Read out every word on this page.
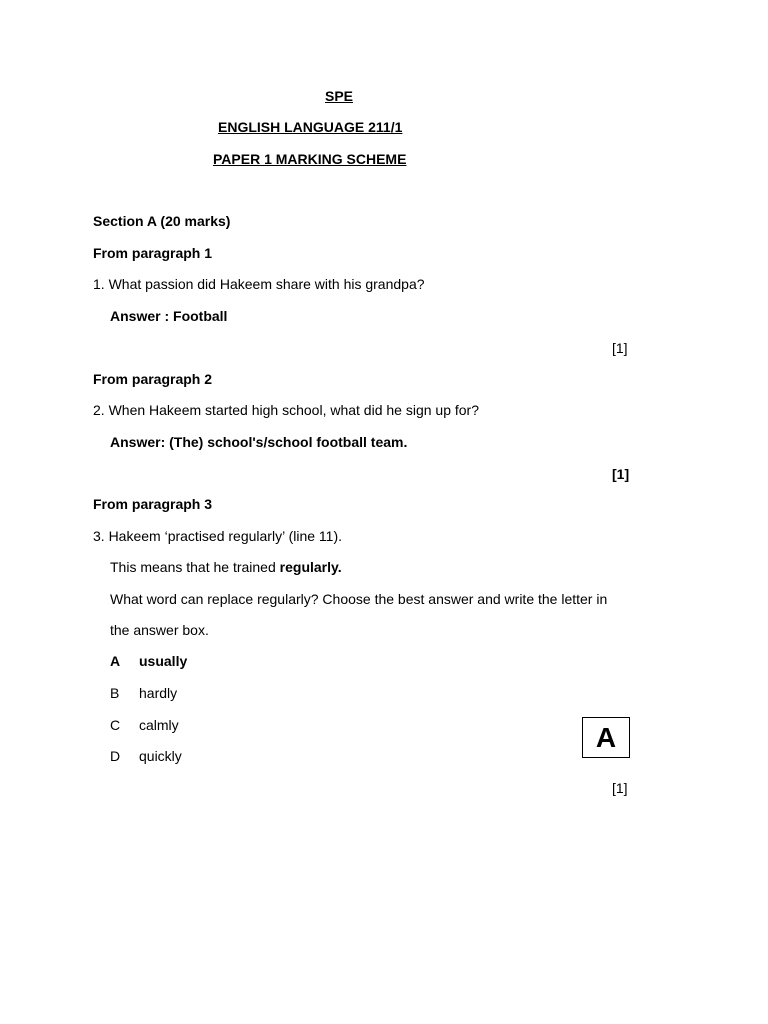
SPE
ENGLISH LANGUAGE 211/1
PAPER 1 MARKING SCHEME
Section A (20 marks)
From paragraph 1
1. What passion did Hakeem share with his grandpa?
Answer : Football
[1]
From paragraph 2
2. When Hakeem started high school, what did he sign up for?
Answer: (The) school's/school football team.
[1]
From paragraph 3
3. Hakeem ‘practised regularly’ (line 11).
This means that he trained regularly.
What word can replace regularly? Choose the best answer and write the letter in
the answer box.
A usually
B hardly
C calmly
D quickly
A
[1]
